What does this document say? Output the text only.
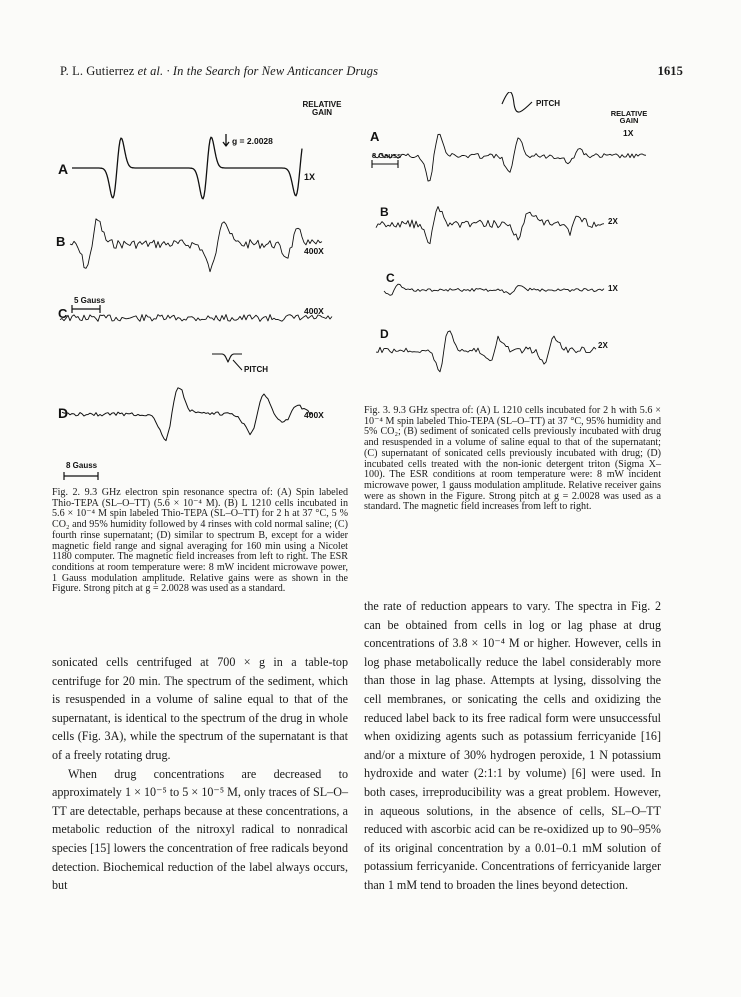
P. L. Gutierrez et al. · In the Search for New Anticancer Drugs	1615
RELATIVE
GAIN
g = 2.0028
A	1X
B
400X
C
5 Gauss
400X
PITCH
D	400X
8 Gauss
Fig. 2. 9.3 GHz electron spin resonance spectra of: (A) Spin labeled Thio-TEPA (SL–O–TT) (5.6 × 10⁻⁴ M). (B) L 1210 cells incubated in 5.6 × 10⁻⁴ M spin labeled Thio-TEPA (SL–O–TT) for 2 h at 37 °C, 5 % CO₂ and 95% humidity followed by 4 rinses with cold normal saline; (C) fourth rinse supernatant; (D) similar to spectrum B, except for a wider magnetic field range and signal averaging for 160 min using a Nicolet 1180 computer. The magnetic field increases from left to right. The ESR conditions at room temperature were: 8 mW incident microwave power, 1 Gauss modulation amplitude. Relative gains were as shown in the Figure. Strong pitch at g = 2.0028 was used as a standard.
PITCH
RELATIVE
GAIN
A	1X
8 Gauss
B
2X
C
1X
D
2X
Fig. 3. 9.3 GHz spectra of: (A) L 1210 cells incubated for 2 h with 5.6 × 10⁻⁴ M spin labeled Thio-TEPA (SL–O–TT) at 37 °C, 95% humidity and 5% CO₂; (B) sediment of sonicated cells previously incubated with drug and resuspended in a volume of saline equal to that of the supernatant; (C) supernatant of sonicated cells previously incubated with drug; (D) incubated cells treated with the non-ionic detergent triton (Sigma X–100). The ESR conditions at room temperature were: 8 mW incident microwave power, 1 gauss modulation amplitude. Relative receiver gains were as shown in the Figure. Strong pitch at g = 2.0028 was used as a standard. The magnetic field increases from left to right.

sonicated cells centrifuged at 700 × g in a table-top centrifuge for 20 min. The spectrum of the sediment, which is resuspended in a volume of saline equal to that of the supernatant, is identical to the spectrum of the drug in whole cells (Fig. 3A), while the spectrum of the supernatant is that of a freely rotating drug.

When drug concentrations are decreased to approximately 1 × 10⁻⁵ to 5 × 10⁻⁵ M, only traces of SL–O–TT are detectable, perhaps because at these concentrations, a metabolic reduction of the nitroxyl radical to nonradical species [15] lowers the concentration of free radicals beyond detection. Biochemical reduction of the label always occurs, but

the rate of reduction appears to vary. The spectra in Fig. 2 can be obtained from cells in log or lag phase at drug concentrations of 3.8 × 10⁻⁴ M or higher. However, cells in log phase metabolically reduce the label considerably more than those in lag phase. Attempts at lysing, dissolving the cell membranes, or sonicating the cells and oxidizing the reduced label back to its free radical form were unsuccessful when oxidizing agents such as potassium ferricyanide [16] and/or a mixture of 30% hydrogen peroxide, 1 N potassium hydroxide and water (2:1:1 by volume) [6] were used. In both cases, irreproducibility was a great problem. However, in aqueous solutions, in the absence of cells, SL–O–TT reduced with ascorbic acid can be re-oxidized up to 90–95% of its original concentration by a 0.01–0.1 mM solution of potassium ferricyanide. Concentrations of ferricyanide larger than 1 mM tend to broaden the lines beyond detection.
